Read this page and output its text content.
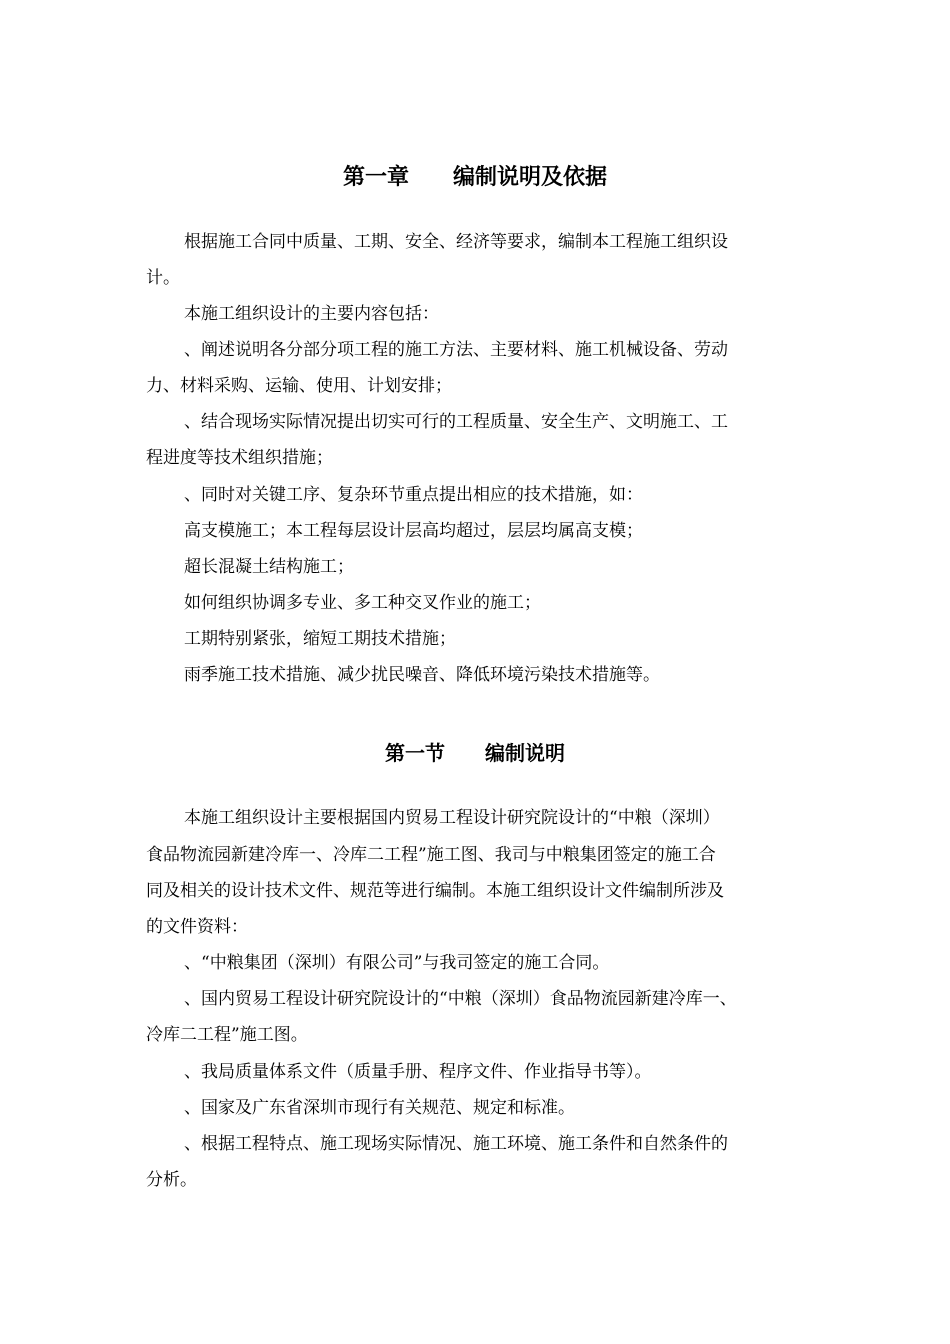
第一章　　编制说明及依据
根据施工合同中质量、工期、安全、经济等要求，编制本工程施工组织设
计。
本施工组织设计的主要内容包括：
、阐述说明各分部分项工程的施工方法、主要材料、施工机械设备、劳动
力、材料采购、运输、使用、计划安排；
、结合现场实际情况提出切实可行的工程质量、安全生产、文明施工、工
程进度等技术组织措施；
、同时对关键工序、复杂环节重点提出相应的技术措施，如：
高支模施工；本工程每层设计层高均超过，层层均属高支模；
超长混凝土结构施工；
如何组织协调多专业、多工种交叉作业的施工；
工期特别紧张，缩短工期技术措施；
雨季施工技术措施、减少扰民噪音、降低环境污染技术措施等。
第一节　　编制说明
本施工组织设计主要根据国内贸易工程设计研究院设计的“中粮（深圳）
食品物流园新建冷库一、冷库二工程”施工图、我司与中粮集团签定的施工合
同及相关的设计技术文件、规范等进行编制。本施工组织设计文件编制所涉及
的文件资料：
、“中粮集团（深圳）有限公司”与我司签定的施工合同。
、国内贸易工程设计研究院设计的“中粮（深圳）食品物流园新建冷库一、
冷库二工程”施工图。
、我局质量体系文件（质量手册、程序文件、作业指导书等）。
、国家及广东省深圳市现行有关规范、规定和标准。
、根据工程特点、施工现场实际情况、施工环境、施工条件和自然条件的
分析。
